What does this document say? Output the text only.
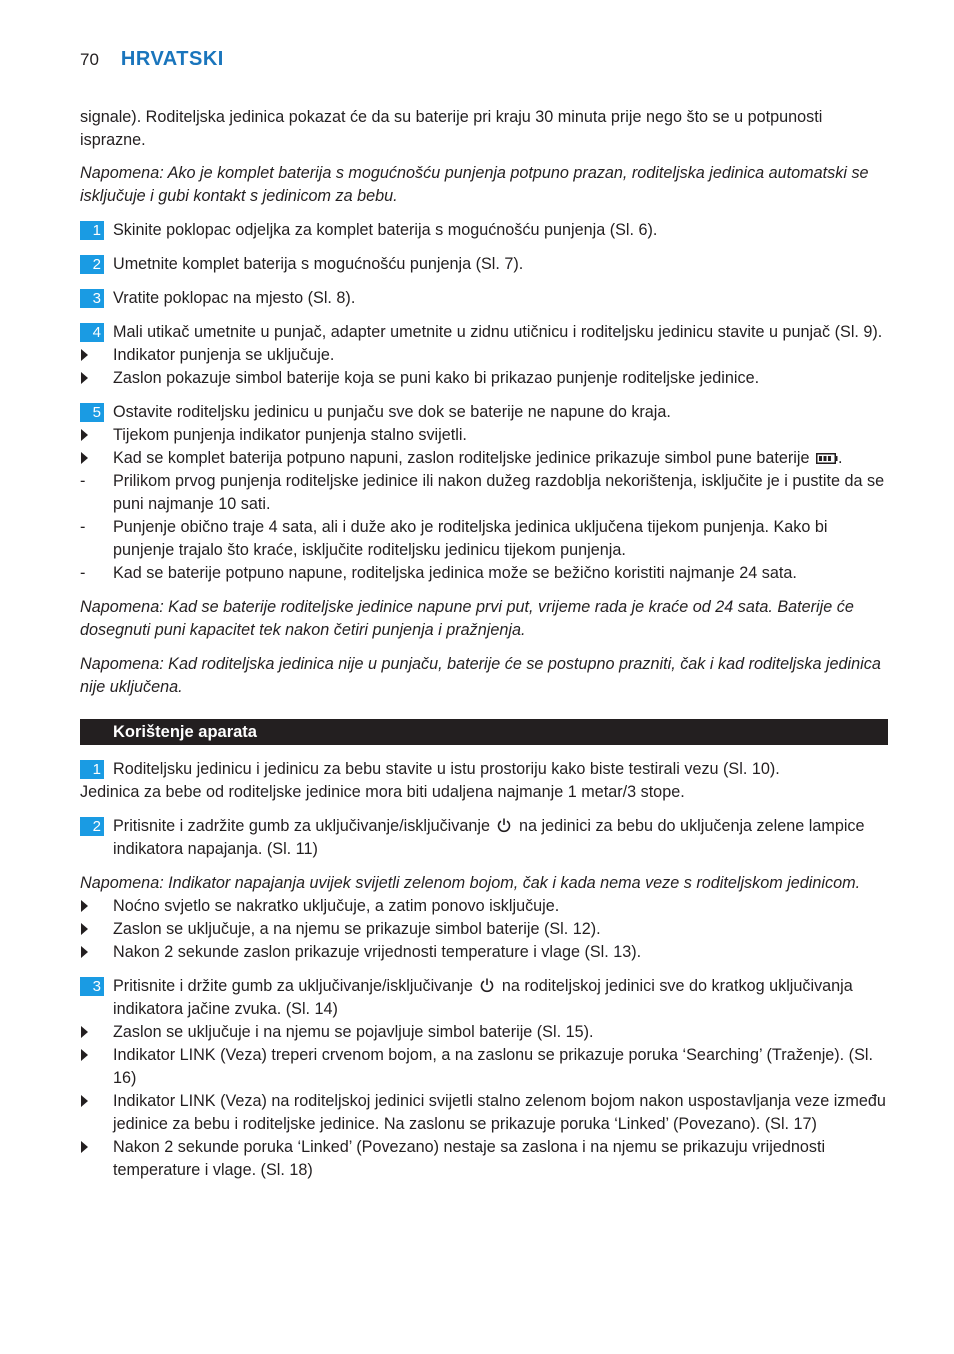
70 HRVATSKI

signale). Roditeljska jedinica pokazat će da su baterije pri kraju 30 minuta prije nego što se u potpunosti isprazne.

Napomena: Ako je komplet baterija s mogućnošću punjenja potpuno prazan, roditeljska jedinica automatski se isključuje i gubi kontakt s jedinicom za bebu.

1 Skinite poklopac odjeljka za komplet baterija s mogućnošću punjenja (Sl. 6).
2 Umetnite komplet baterija s mogućnošću punjenja (Sl. 7).
3 Vratite poklopac na mjesto (Sl. 8).
4 Mali utikač umetnite u punjač, adapter umetnite u zidnu utičnicu i roditeljsku jedinicu stavite u punjač (Sl. 9).
Indikator punjenja se uključuje.
Zaslon pokazuje simbol baterije koja se puni kako bi prikazao punjenje roditeljske jedinice.
5 Ostavite roditeljsku jedinicu u punjaču sve dok se baterije ne napune do kraja.
Tijekom punjenja indikator punjenja stalno svijetli.
Kad se komplet baterija potpuno napuni, zaslon roditeljske jedinice prikazuje simbol pune baterije .
-	Prilikom prvog punjenja roditeljske jedinice ili nakon dužeg razdoblja nekorištenja, isključite je i pustite da se puni najmanje 10 sati.
-	Punjenje obično traje 4 sata, ali i duže ako je roditeljska jedinica uključena tijekom punjenja. Kako bi punjenje trajalo što kraće, isključite roditeljsku jedinicu tijekom punjenja.
-	Kad se baterije potpuno napune, roditeljska jedinica može se bežično koristiti najmanje 24 sata.

Napomena: Kad se baterije roditeljske jedinice napune prvi put, vrijeme rada je kraće od 24 sata. Baterije će dosegnuti puni kapacitet tek nakon četiri punjenja i pražnjenja.

Napomena: Kad roditeljska jedinica nije u punjaču, baterije će se postupno prazniti, čak i kad roditeljska jedinica nije uključena.

Korištenje aparata
1 Roditeljsku jedinicu i jedinicu za bebu stavite u istu prostoriju kako biste testirali vezu (Sl. 10).

Jedinica za bebe od roditeljske jedinice mora biti udaljena najmanje 1 metar/3 stope.

2 Pritisnite i zadržite gumb za uključivanje/isključivanje na jedinici za bebu do uključenja zelene lampice indikatora napajanja. (Sl. 11)

Napomena: Indikator napajanja uvijek svijetli zelenom bojom, čak i kada nema veze s roditeljskom jedinicom.

Noćno svjetlo se nakratko uključuje, a zatim ponovo isključuje.
Zaslon se uključuje, a na njemu se prikazuje simbol baterije (Sl. 12).
Nakon 2 sekunde zaslon prikazuje vrijednosti temperature i vlage (Sl. 13).
3 Pritisnite i držite gumb za uključivanje/isključivanje na roditeljskoj jedinici sve do kratkog uključivanja indikatora jačine zvuka. (Sl. 14)
Zaslon se uključuje i na njemu se pojavljuje simbol baterije (Sl. 15).
Indikator LINK (Veza) treperi crvenom bojom, a na zaslonu se prikazuje poruka ‘Searching’ (Traženje). (Sl. 16)
Indikator LINK (Veza) na roditeljskoj jedinici svijetli stalno zelenom bojom nakon uspostavljanja veze između jedinice za bebu i roditeljske jedinice. Na zaslonu se prikazuje poruka ‘Linked’ (Povezano). (Sl. 17)
Nakon 2 sekunde poruka ‘Linked’ (Povezano) nestaje sa zaslona i na njemu se prikazuju vrijednosti temperature i vlage. (Sl. 18)
